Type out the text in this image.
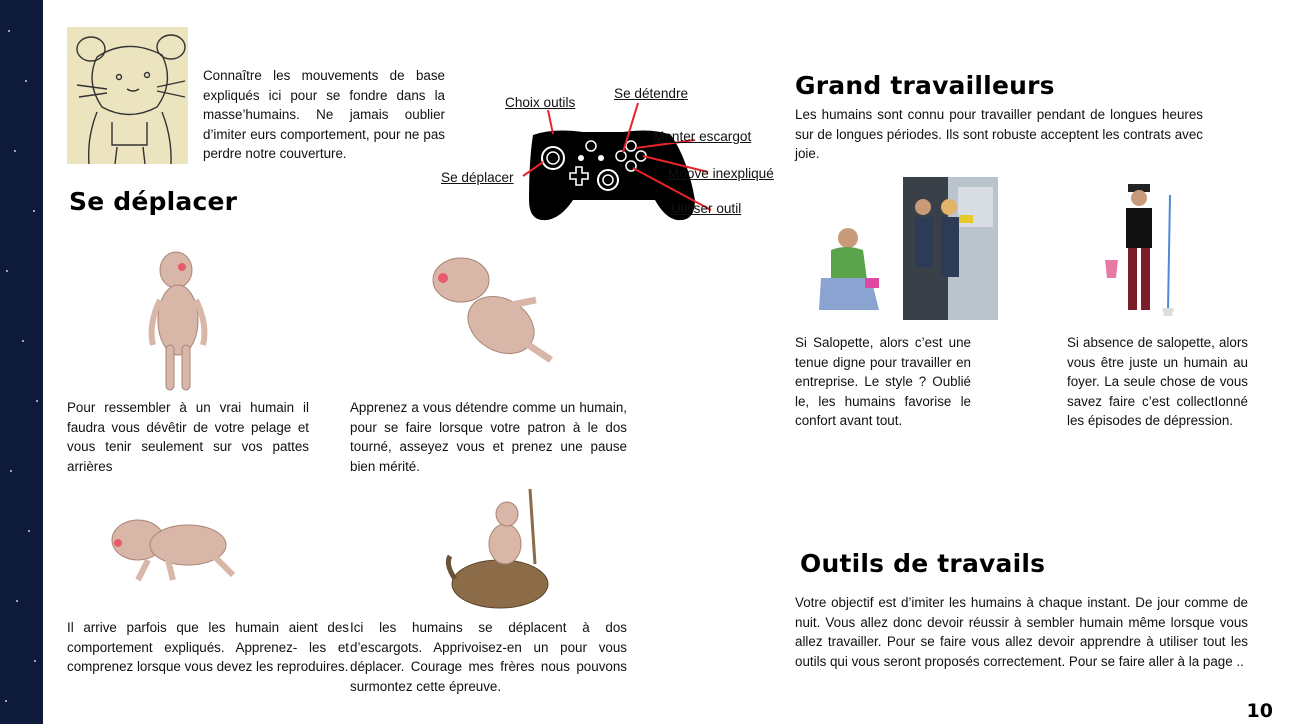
Connaître les mouvements de base expliqués ici pour se fondre dans la masse’humains. Ne jamais oublier d’imiter eurs comportement, pour ne pas perdre notre couverture.
Choix outils
Se détendre
Monter escargot
Moove inexpliqué
Utiliser outil
Se déplacer
Se déplacer
Pour ressembler à un vrai humain il faudra vous dévêtir de votre pelage et vous tenir seulement sur vos pattes arrières
Apprenez a vous détendre comme un humain, pour se faire lorsque votre patron à le dos tourné, asseyez vous et prenez une pause bien mérité.
Il arrive parfois que les humain aient des comportement expliqués. Apprenez- les et comprenez lorsque vous devez les reproduires.
Ici les humains se déplacent à dos d’escargots. Apprivoisez-en un pour vous déplacer. Courage mes frères nous pouvons surmontez cette épreuve.
Grand travailleurs
Les humains sont connu pour travailler pendant de longues heures sur de longues périodes. Ils sont robuste acceptent les contrats avec joie.
Si Salopette, alors c’est une tenue digne pour travailler en entreprise. Le style ? Oublié le, les humains favorise le confort avant tout.
Si absence de salopette, alors vous être juste un humain au foyer. La seule chose de vous savez faire c’est collectIonné les épisodes de dépression.
Outils de travails
Votre objectif est d’imiter les humains à chaque instant. De jour comme de nuit. Vous allez donc devoir réussir à sembler humain même lorsque vous allez travailler. Pour se faire vous allez devoir apprendre à utiliser tout les outils qui vous seront proposés correctement. Pour se faire aller à la page ..
10
